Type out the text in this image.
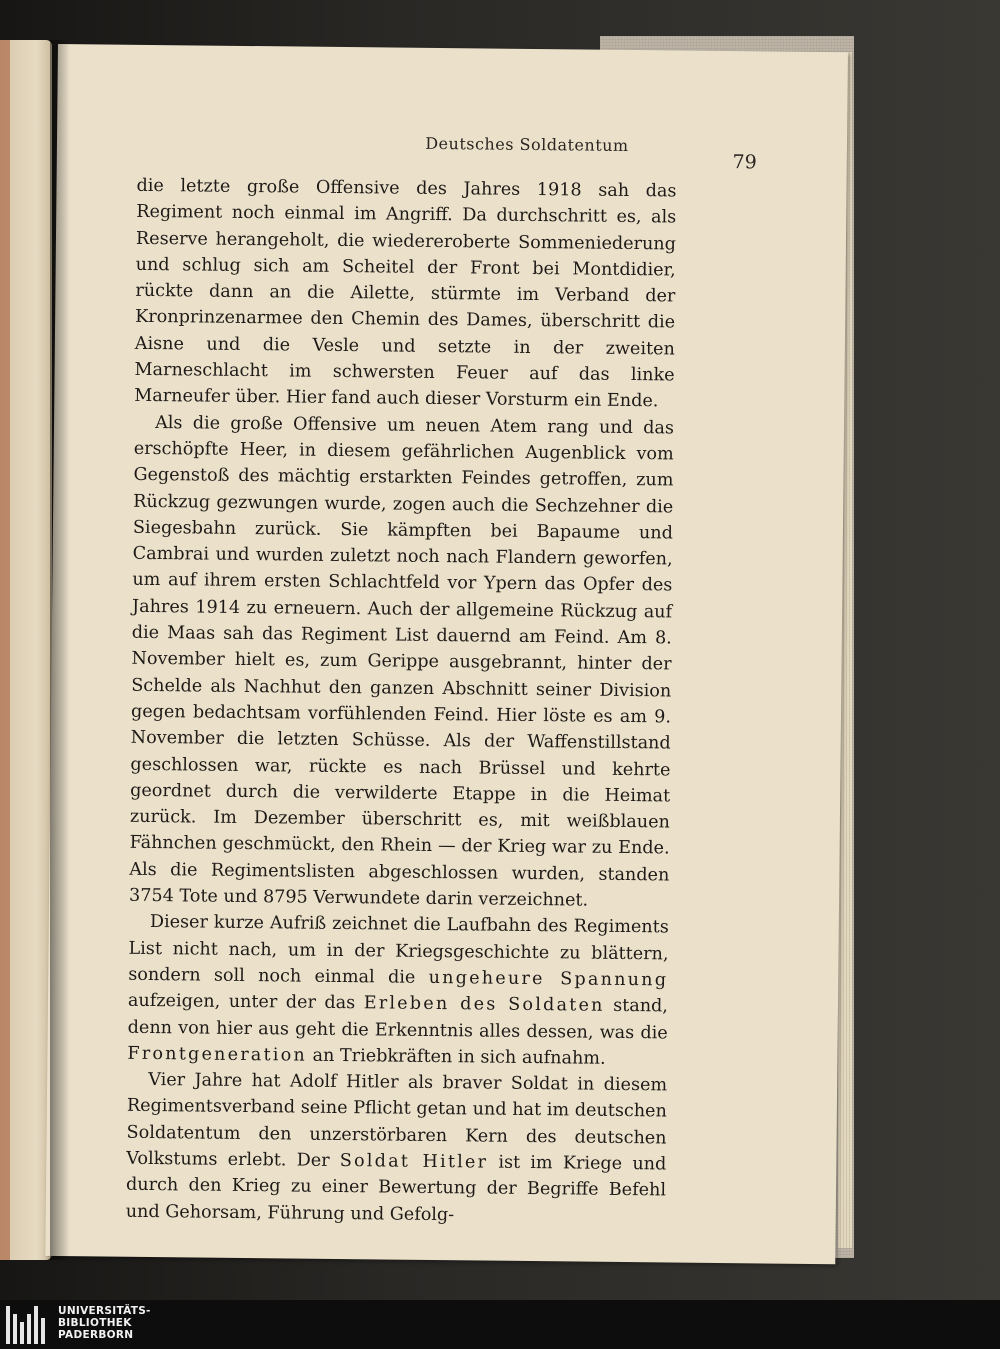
Deutsches Soldatentum
79

die letzte große Offensive des Jahres 1918 sah das Regiment noch einmal im Angriff. Da durchschritt es, als Reserve herangeholt, die wiedereroberte Sommeniederung und schlug sich am Scheitel der Front bei Montdidier, rückte dann an die Ailette, stürmte im Verband der Kronprinzenarmee den Chemin des Dames, überschritt die Aisne und die Vesle und setzte in der zweiten Marneschlacht im schwersten Feuer auf das linke Marneufer über. Hier fand auch dieser Vorsturm ein Ende.

Als die große Offensive um neuen Atem rang und das erschöpfte Heer, in diesem gefährlichen Augenblick vom Gegenstoß des mächtig erstarkten Feindes getroffen, zum Rückzug gezwungen wurde, zogen auch die Sechzehner die Siegesbahn zurück. Sie kämpften bei Bapaume und Cambrai und wurden zuletzt noch nach Flandern geworfen, um auf ihrem ersten Schlachtfeld vor Ypern das Opfer des Jahres 1914 zu erneuern. Auch der allgemeine Rückzug auf die Maas sah das Regiment List dauernd am Feind. Am 8. November hielt es, zum Gerippe ausgebrannt, hinter der Schelde als Nachhut den ganzen Abschnitt seiner Division gegen bedachtsam vorfühlenden Feind. Hier löste es am 9. November die letzten Schüsse. Als der Waffenstillstand geschlossen war, rückte es nach Brüssel und kehrte geordnet durch die verwilderte Etappe in die Heimat zurück. Im Dezember überschritt es, mit weißblauen Fähnchen geschmückt, den Rhein — der Krieg war zu Ende. Als die Regimentslisten abgeschlossen wurden, standen 3754 Tote und 8795 Verwundete darin verzeichnet.

Dieser kurze Aufriß zeichnet die Laufbahn des Regiments List nicht nach, um in der Kriegsgeschichte zu blättern, sondern soll noch einmal die ungeheure Spannung aufzeigen, unter der das Erleben des Soldaten stand, denn von hier aus geht die Erkenntnis alles dessen, was die Frontgeneration an Triebkräften in sich aufnahm.

Vier Jahre hat Adolf Hitler als braver Soldat in diesem Regimentsverband seine Pflicht getan und hat im deutschen Soldatentum den unzerstörbaren Kern des deutschen Volkstums erlebt. Der Soldat Hitler ist im Kriege und durch den Krieg zu einer Bewertung der Begriffe Befehl und Gehorsam, Führung und Gefolg-

UNIVERSITÄTS-
BIBLIOTHEK
PADERBORN
